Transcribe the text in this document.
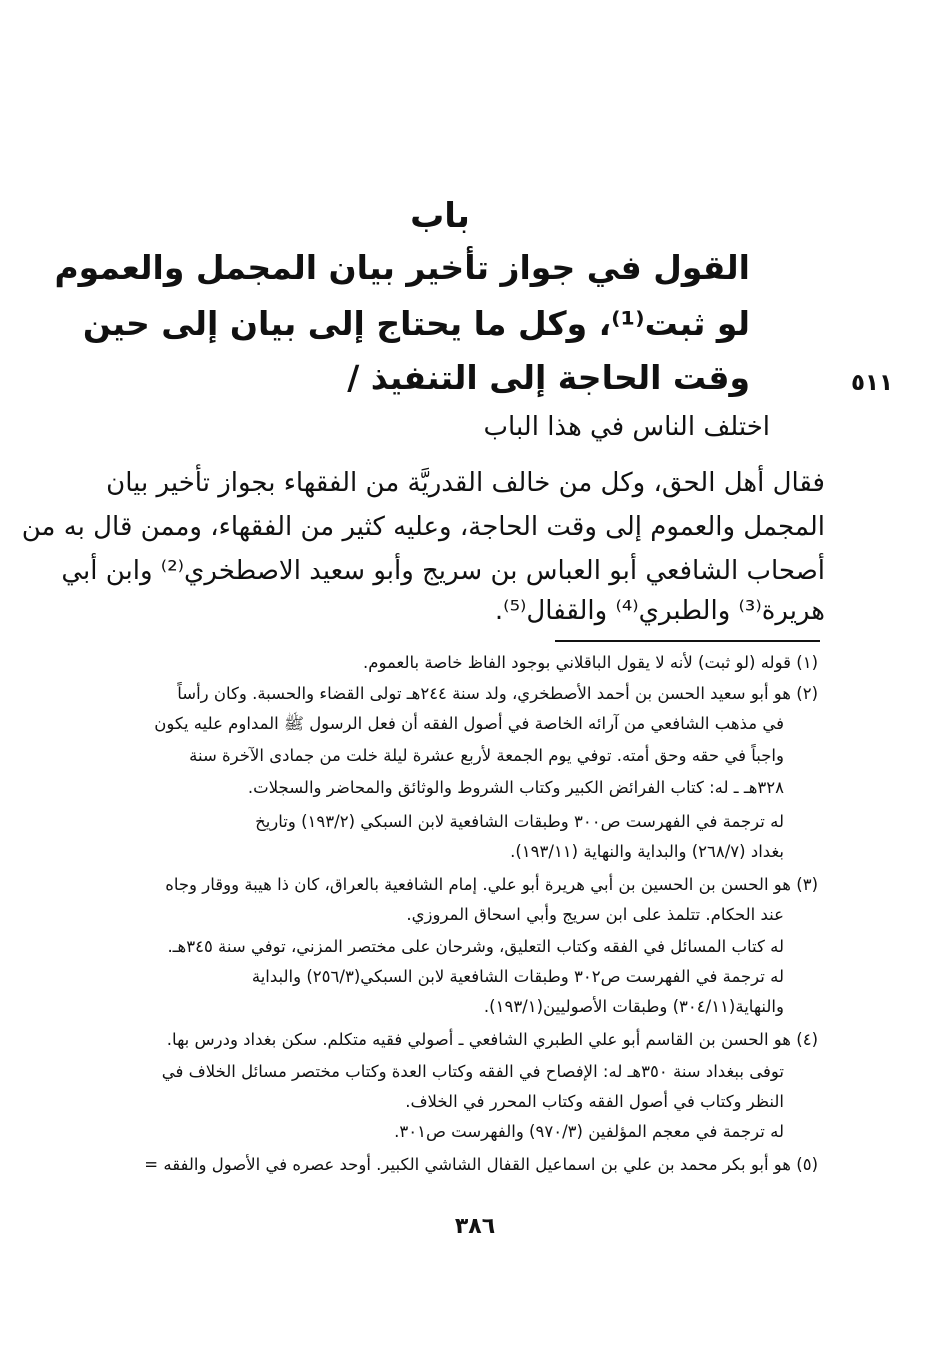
باب
القول في جواز تأخير بيان المجمل والعموم
لو ثبت⁽¹⁾، وكل ما يحتاج إلى بيان إلى حين
وقت الحاجة إلى التنفيذ /	٥١١
اختلف الناس في هذا الباب
فقال أهل الحق، وكل من خالف القدريَّة من الفقهاء بجواز تأخير بيان
المجمل والعموم إلى وقت الحاجة، وعليه كثير من الفقهاء، وممن قال به من
أصحاب الشافعي أبو العباس بن سريج وأبو سعيد الاصطخري⁽²⁾ وابن أبي
هريرة⁽³⁾ والطبري⁽⁴⁾ والقفال⁽⁵⁾.
(١) قوله (لو ثبت) لأنه لا يقول الباقلاني بوجود الفاظ خاصة بالعموم.
(٢) هو أبو سعيد الحسن بن أحمد الأصطخري، ولد سنة ٢٤٤هـ تولى القضاء والحسبة. وكان رأساً
في مذهب الشافعي من آرائه الخاصة في أصول الفقه أن فعل الرسول ﷺ المداوم عليه يكون
واجباً في حقه وحق أمته. توفي يوم الجمعة لأربع عشرة ليلة خلت من جمادى الآخرة سنة
٣٢٨هـ ـ له: كتاب الفرائض الكبير وكتاب الشروط والوثائق والمحاضر والسجلات.
له ترجمة في الفهرست ص٣٠٠ وطبقات الشافعية لابن السبكي (١٩٣/٢) وتاريخ
بغداد (٢٦٨/٧) والبداية والنهاية (١٩٣/١١).
(٣) هو الحسن بن الحسين بن أبي هريرة أبو علي. إمام الشافعية بالعراق، كان ذا هيبة ووقار وجاه
عند الحكام. تتلمذ على ابن سريج وأبي اسحاق المروزي.
له كتاب المسائل في الفقه وكتاب التعليق، وشرحان على مختصر المزني، توفي سنة ٣٤٥هـ.
له ترجمة في الفهرست ص٣٠٢ وطبقات الشافعية لابن السبكي(٢٥٦/٣) والبداية
والنهاية(٣٠٤/١١) وطبقات الأصوليين(١٩٣/١).
(٤) هو الحسن بن القاسم أبو علي الطبري الشافعي ـ أصولي فقيه متكلم. سكن بغداد ودرس بها.
توفى ببغداد سنة ٣٥٠هـ له: الإفصاح في الفقه وكتاب العدة وكتاب مختصر مسائل الخلاف في
النظر وكتاب في أصول الفقه وكتاب المحرر في الخلاف.
له ترجمة في معجم المؤلفين (٩٧٠/٣) والفهرست ص٣٠١.
(٥) هو أبو بكر محمد بن علي بن اسماعيل القفال الشاشي الكبير. أوحد عصره في الأصول والفقه =
٣٨٦
